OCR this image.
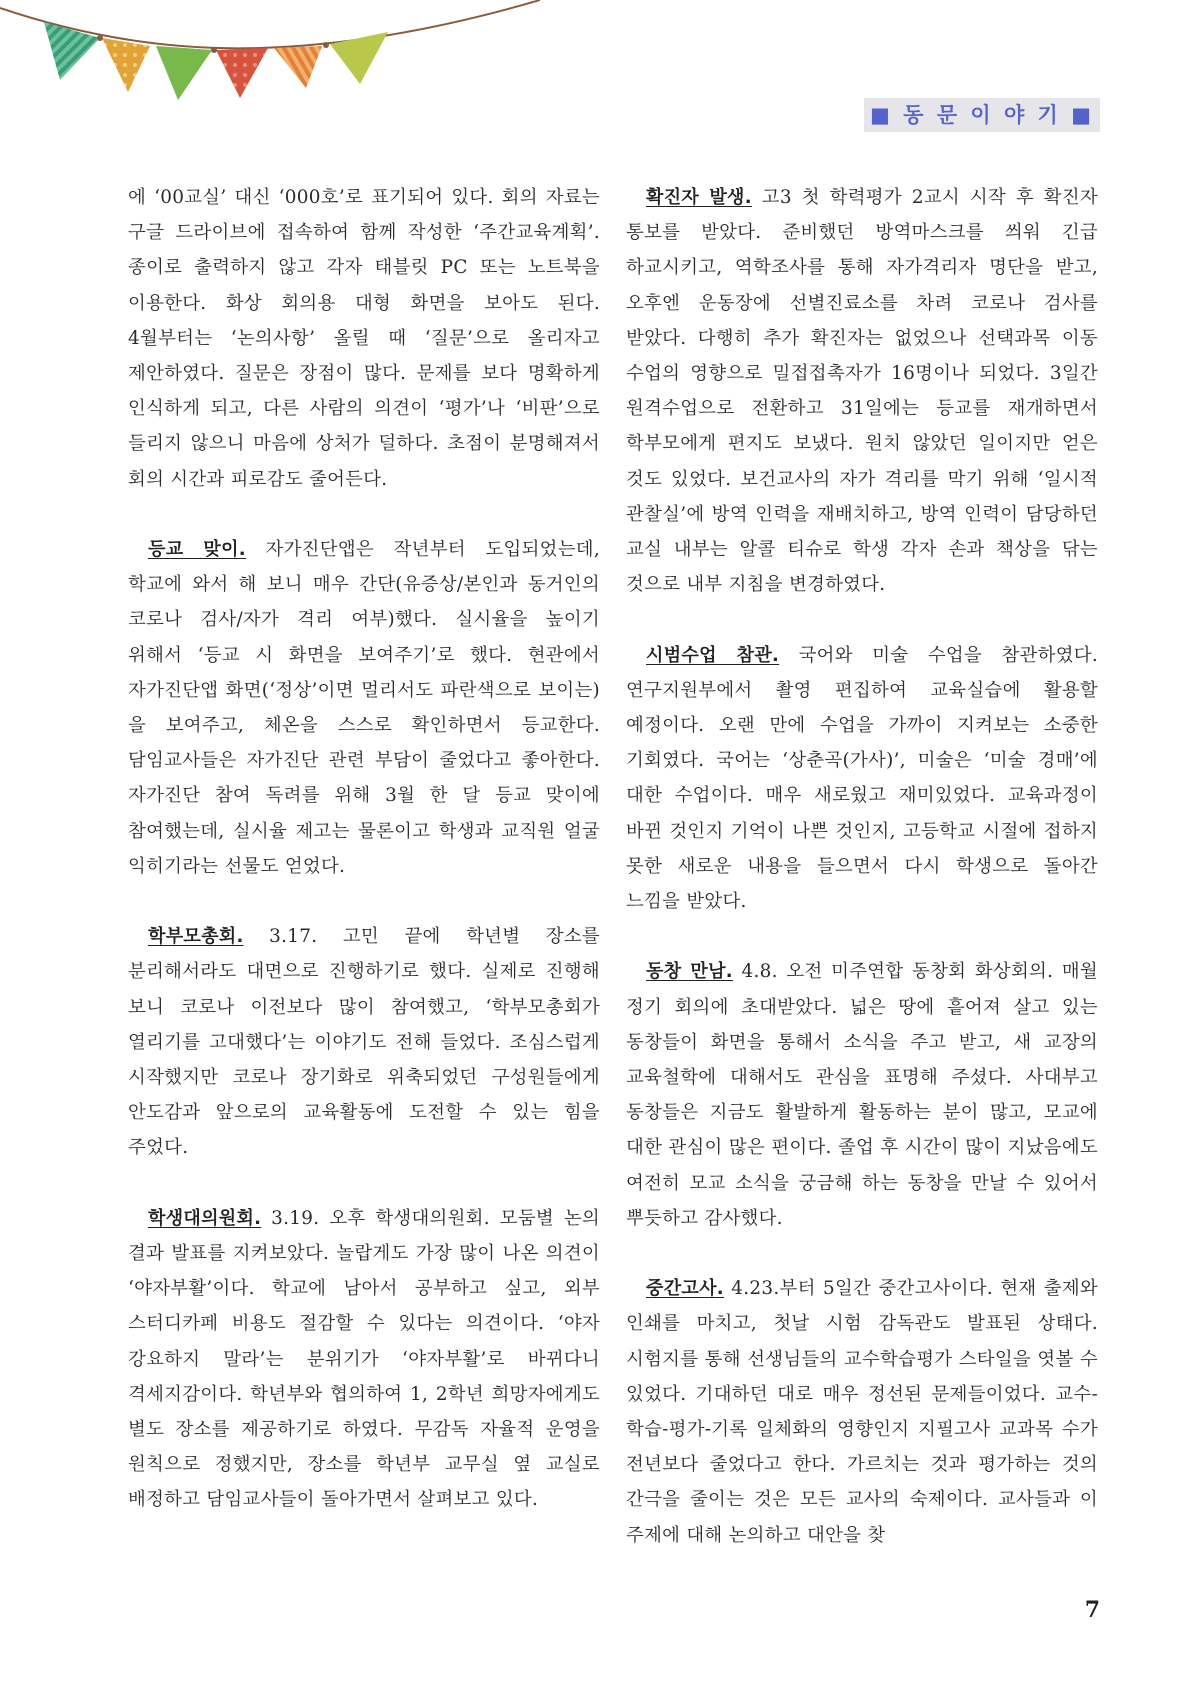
■ 동 문 이 야 기 ■

에 ‘00교실’ 대신 ‘000호’로 표기되어 있다. 회의 자료는 구글 드라이브에 접속하여 함께 작성한 ‘주간교육계획’. 종이로 출력하지 않고 각자 태블릿 PC 또는 노트북을 이용한다. 화상 회의용 대형 화면을 보아도 된다. 4월부터는 ‘논의사항’ 올릴 때 ‘질문’으로 올리자고 제안하였다. 질문은 장점이 많다. 문제를 보다 명확하게 인식하게 되고, 다른 사람의 의견이 ‘평가’나 ‘비판’으로 들리지 않으니 마음에 상처가 덜하다. 초점이 분명해져서 회의 시간과 피로감도 줄어든다.

등교 맞이. 자가진단앱은 작년부터 도입되었는데, 학교에 와서 해 보니 매우 간단(유증상/본인과 동거인의 코로나 검사/자가 격리 여부)했다. 실시율을 높이기 위해서 ‘등교 시 화면을 보여주기’로 했다. 현관에서 자가진단앱 화면(‘정상’이면 멀리서도 파란색으로 보이는)을 보여주고, 체온을 스스로 확인하면서 등교한다. 담임교사들은 자가진단 관련 부담이 줄었다고 좋아한다. 자가진단 참여 독려를 위해 3월 한 달 등교 맞이에 참여했는데, 실시율 제고는 물론이고 학생과 교직원 얼굴 익히기라는 선물도 얻었다.

학부모총회. 3.17. 고민 끝에 학년별 장소를 분리해서라도 대면으로 진행하기로 했다. 실제로 진행해 보니 코로나 이전보다 많이 참여했고, ‘학부모총회가 열리기를 고대했다’는 이야기도 전해 들었다. 조심스럽게 시작했지만 코로나 장기화로 위축되었던 구성원들에게 안도감과 앞으로의 교육활동에 도전할 수 있는 힘을 주었다.

학생대의원회. 3.19. 오후 학생대의원회. 모둠별 논의 결과 발표를 지켜보았다. 놀랍게도 가장 많이 나온 의견이 ‘야자부활’이다. 학교에 남아서 공부하고 싶고, 외부 스터디카페 비용도 절감할 수 있다는 의견이다. ‘야자 강요하지 말라’는 분위기가 ‘야자부활’로 바뀌다니 격세지감이다. 학년부와 협의하여 1, 2학년 희망자에게도 별도 장소를 제공하기로 하였다. 무감독 자율적 운영을 원칙으로 정했지만, 장소를 학년부 교무실 옆 교실로 배정하고 담임교사들이 돌아가면서 살펴보고 있다.

확진자 발생. 고3 첫 학력평가 2교시 시작 후 확진자 통보를 받았다. 준비했던 방역마스크를 씌워 긴급 하교시키고, 역학조사를 통해 자가격리자 명단을 받고, 오후엔 운동장에 선별진료소를 차려 코로나 검사를 받았다. 다행히 추가 확진자는 없었으나 선택과목 이동 수업의 영향으로 밀접접촉자가 16명이나 되었다. 3일간 원격수업으로 전환하고 31일에는 등교를 재개하면서 학부모에게 편지도 보냈다. 원치 않았던 일이지만 얻은 것도 있었다. 보건교사의 자가 격리를 막기 위해 ‘일시적 관찰실’에 방역 인력을 재배치하고, 방역 인력이 담당하던 교실 내부는 알콜 티슈로 학생 각자 손과 책상을 닦는 것으로 내부 지침을 변경하였다.

시범수업 참관. 국어와 미술 수업을 참관하였다. 연구지원부에서 촬영 편집하여 교육실습에 활용할 예정이다. 오랜 만에 수업을 가까이 지켜보는 소중한 기회였다. 국어는 ‘상춘곡(가사)’, 미술은 ‘미술 경매’에 대한 수업이다. 매우 새로웠고 재미있었다. 교육과정이 바뀐 것인지 기억이 나쁜 것인지, 고등학교 시절에 접하지 못한 새로운 내용을 들으면서 다시 학생으로 돌아간 느낌을 받았다.

동창 만남. 4.8. 오전 미주연합 동창회 화상회의. 매월 정기 회의에 초대받았다. 넓은 땅에 흩어져 살고 있는 동창들이 화면을 통해서 소식을 주고 받고, 새 교장의 교육철학에 대해서도 관심을 표명해 주셨다. 사대부고 동창들은 지금도 활발하게 활동하는 분이 많고, 모교에 대한 관심이 많은 편이다. 졸업 후 시간이 많이 지났음에도 여전히 모교 소식을 궁금해 하는 동창을 만날 수 있어서 뿌듯하고 감사했다.

중간고사. 4.23.부터 5일간 중간고사이다. 현재 출제와 인쇄를 마치고, 첫날 시험 감독관도 발표된 상태다. 시험지를 통해 선생님들의 교수학습평가 스타일을 엿볼 수 있었다. 기대하던 대로 매우 정선된 문제들이었다. 교수-학습-평가-기록 일체화의 영향인지 지필고사 교과목 수가 전년보다 줄었다고 한다. 가르치는 것과 평가하는 것의 간극을 줄이는 것은 모든 교사의 숙제이다. 교사들과 이 주제에 대해 논의하고 대안을 찾

7
